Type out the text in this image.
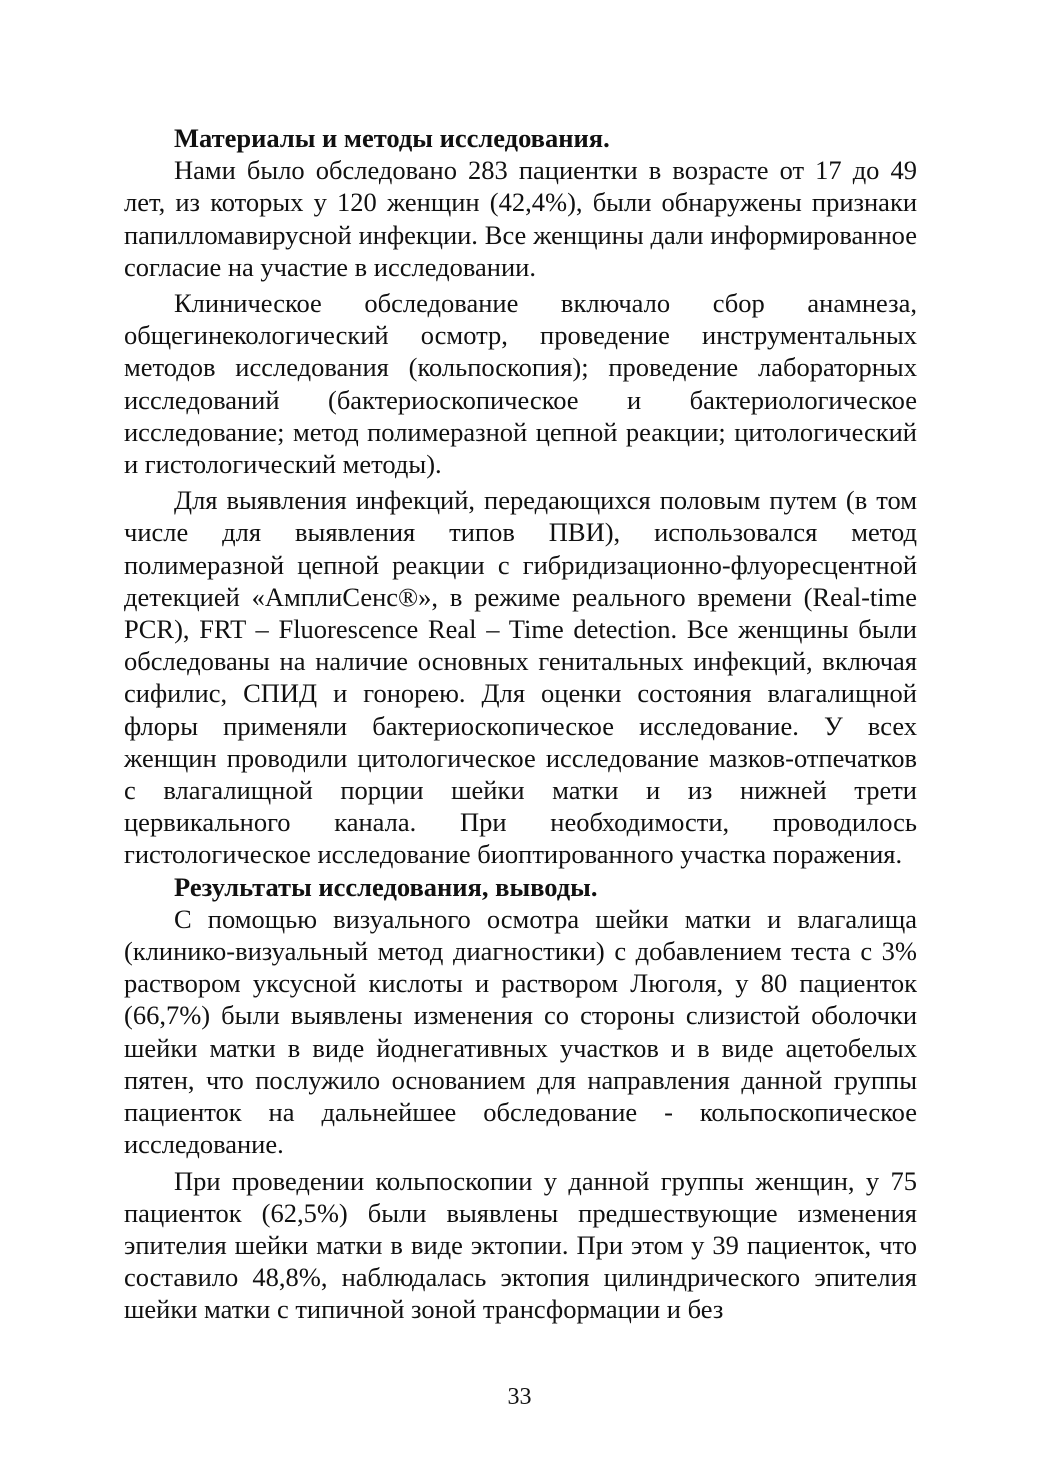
Материалы и методы исследования.

Нами было обследовано 283 пациентки в возрасте от 17 до 49 лет, из которых у 120 женщин (42,4%), были обнаружены признаки папилломавирусной инфекции. Все женщины дали информированное согласие на участие в исследовании.

Клиническое обследование включало сбор анамнеза, общегинекологический осмотр, проведение инструментальных методов исследования (кольпоскопия); проведение лабораторных исследований (бактериоскопическое и бактериологическое исследование; метод полимеразной цепной реакции; цитологический и гистологический методы).

Для выявления инфекций, передающихся половым путем (в том числе для выявления типов ПВИ), использовался метод полимеразной цепной реакции с гибридизационно-флуоресцентной детекцией «АмплиСенс®», в режиме реального времени (Real-time PCR), FRT – Fluorescence Real – Time detection. Все женщины были обследованы на наличие основных генитальных инфекций, включая сифилис, СПИД и гонорею. Для оценки состояния влагалищной флоры применяли бактериоскопическое исследование. У всех женщин проводили цитологическое исследование мазков-отпечатков с влагалищной порции шейки матки и из нижней трети цервикального канала. При необходимости, проводилось гистологическое исследование биоптированного участка поражения.

Результаты исследования, выводы.

С помощью визуального осмотра шейки матки и влагалища (клинико-визуальный метод диагностики) с добавлением теста с 3% раствором уксусной кислоты и раствором Люголя, у 80 пациенток (66,7%) были выявлены изменения со стороны слизистой оболочки шейки матки в виде йоднегативных участков и в виде ацетобелых пятен, что послужило основанием для направления данной группы пациенток на дальнейшее обследование - кольпоскопическое исследование.

При проведении кольпоскопии у данной группы женщин, у 75 пациенток (62,5%) были выявлены предшествующие изменения эпителия шейки матки в виде эктопии. При этом у 39 пациенток, что составило 48,8%, наблюдалась эктопия цилиндрического эпителия шейки матки с типичной зоной трансформации и без

33
